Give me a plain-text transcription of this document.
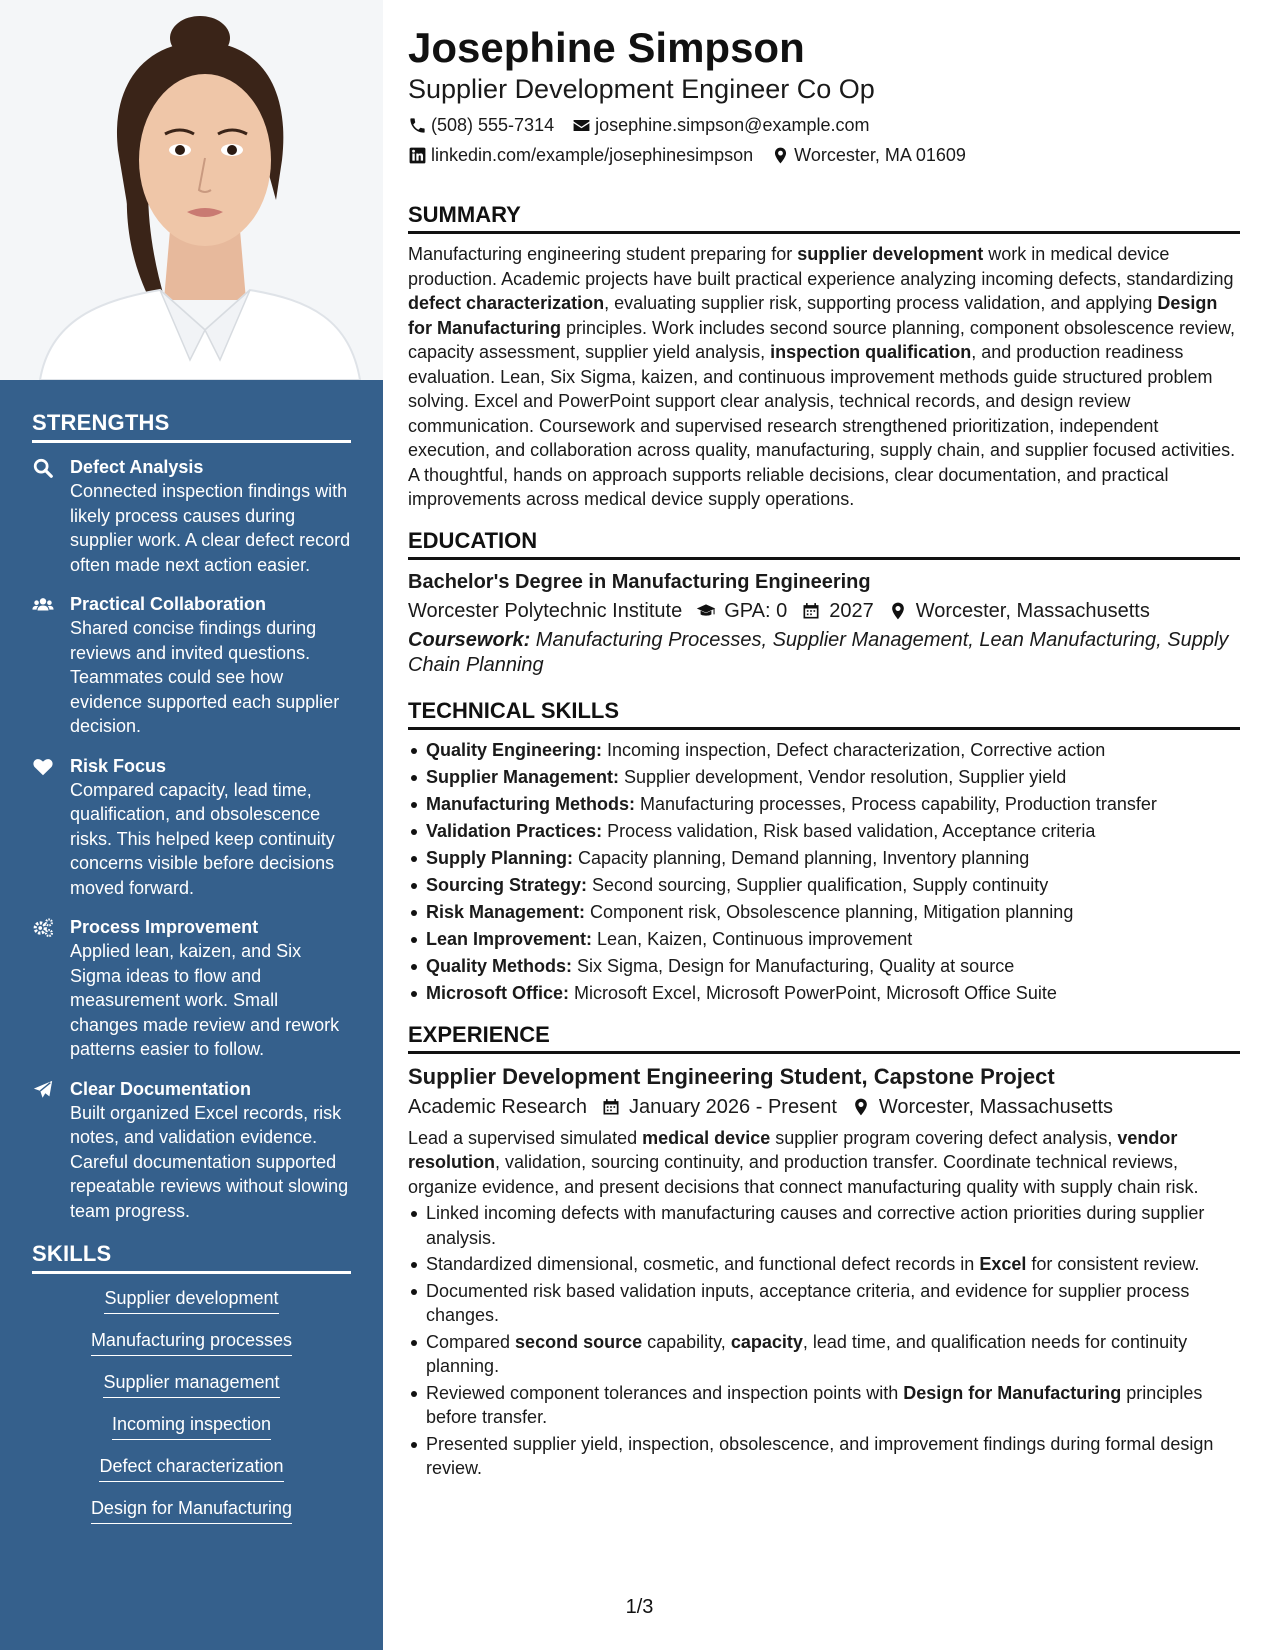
STRENGTHS
Defect Analysis
Connected inspection findings with likely process causes during supplier work. A clear defect record often made next action easier.
Practical Collaboration
Shared concise findings during reviews and invited questions. Teammates could see how evidence supported each supplier decision.
Risk Focus
Compared capacity, lead time, qualification, and obsolescence risks. This helped keep continuity concerns visible before decisions moved forward.
Process Improvement
Applied lean, kaizen, and Six Sigma ideas to flow and measurement work. Small changes made review and rework patterns easier to follow.
Clear Documentation
Built organized Excel records, risk notes, and validation evidence. Careful documentation supported repeatable reviews without slowing team progress.
SKILLS
Supplier development
Manufacturing processes
Supplier management
Incoming inspection
Defect characterization
Design for Manufacturing
Josephine Simpson
Supplier Development Engineer Co Op
(508) 555-7314 josephine.simpson@example.com
linkedin.com/example/josephinesimpson Worcester, MA 01609
SUMMARY
Manufacturing engineering student preparing for supplier development work in medical device production. Academic projects have built practical experience analyzing incoming defects, standardizing defect characterization, evaluating supplier risk, supporting process validation, and applying Design for Manufacturing principles. Work includes second source planning, component obsolescence review, capacity assessment, supplier yield analysis, inspection qualification, and production readiness evaluation. Lean, Six Sigma, kaizen, and continuous improvement methods guide structured problem solving. Excel and PowerPoint support clear analysis, technical records, and design review communication. Coursework and supervised research strengthened prioritization, independent execution, and collaboration across quality, manufacturing, supply chain, and supplier focused activities. A thoughtful, hands on approach supports reliable decisions, clear documentation, and practical improvements across medical device supply operations.
EDUCATION
Bachelor's Degree in Manufacturing Engineering
Worcester Polytechnic Institute GPA: 0 2027 Worcester, Massachusetts
Coursework: Manufacturing Processes, Supplier Management, Lean Manufacturing, Supply Chain Planning
TECHNICAL SKILLS
Quality Engineering: Incoming inspection, Defect characterization, Corrective action
Supplier Management: Supplier development, Vendor resolution, Supplier yield
Manufacturing Methods: Manufacturing processes, Process capability, Production transfer
Validation Practices: Process validation, Risk based validation, Acceptance criteria
Supply Planning: Capacity planning, Demand planning, Inventory planning
Sourcing Strategy: Second sourcing, Supplier qualification, Supply continuity
Risk Management: Component risk, Obsolescence planning, Mitigation planning
Lean Improvement: Lean, Kaizen, Continuous improvement
Quality Methods: Six Sigma, Design for Manufacturing, Quality at source
Microsoft Office: Microsoft Excel, Microsoft PowerPoint, Microsoft Office Suite
EXPERIENCE
Supplier Development Engineering Student, Capstone Project
Academic Research January 2026 - Present Worcester, Massachusetts
Lead a supervised simulated medical device supplier program covering defect analysis, vendor resolution, validation, sourcing continuity, and production transfer. Coordinate technical reviews, organize evidence, and present decisions that connect manufacturing quality with supply chain risk.
Linked incoming defects with manufacturing causes and corrective action priorities during supplier analysis.
Standardized dimensional, cosmetic, and functional defect records in Excel for consistent review.
Documented risk based validation inputs, acceptance criteria, and evidence for supplier process changes.
Compared second source capability, capacity, lead time, and qualification needs for continuity planning.
Reviewed component tolerances and inspection points with Design for Manufacturing principles before transfer.
Presented supplier yield, inspection, obsolescence, and improvement findings during formal design review.
1/3
